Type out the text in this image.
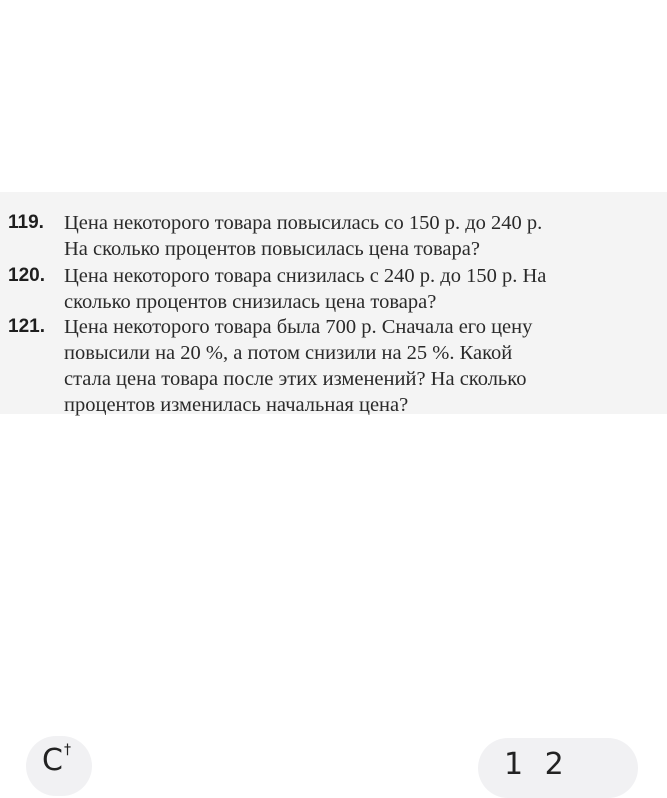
119. Цена некоторого товара повысилась со 150 р. до 240 р.
На сколько процентов повысилась цена товара?
120. Цена некоторого товара снизилась с 240 р. до 150 р. На
сколько процентов снизилась цена товара?
121. Цена некоторого товара была 700 р. Сначала его цену
повысили на 20 %, а потом снизили на 25 %. Какой
стала цена товара после этих изменений? На сколько
процентов изменилась начальная цена?
C †	1 2
